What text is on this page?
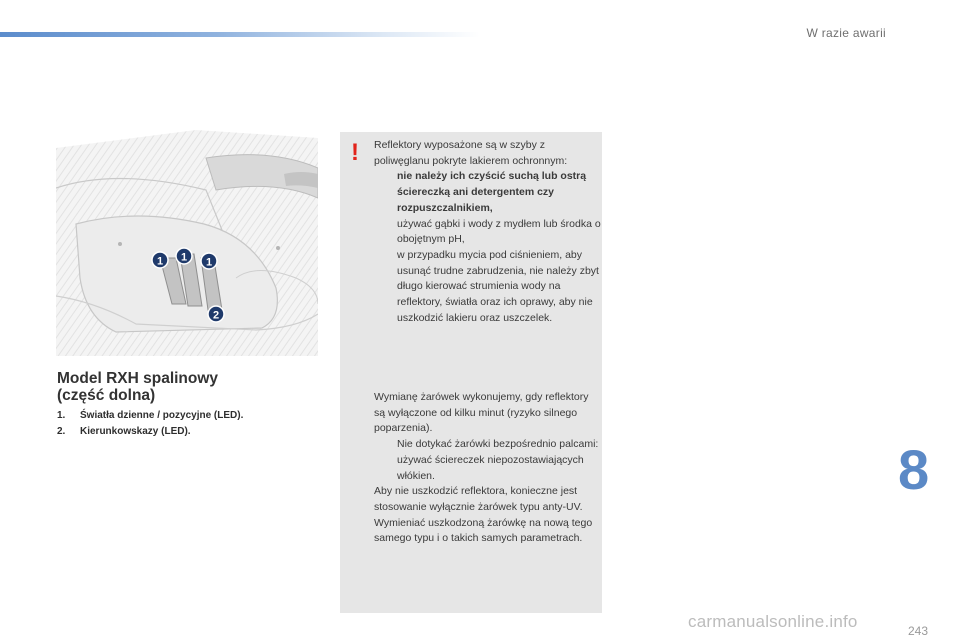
W razie awarii
1 1 1
2
Model RXH spalinowy
(część dolna)
1.	Światła dzienne / pozycyjne (LED).
2.	Kierunkowskazy (LED).
! Reflektory wyposażone są w szyby z poliwęglanu pokryte lakierem ochronnym:
nie należy ich czyścić suchą lub ostrą ściereczką ani detergentem czy rozpuszczalnikiem,
używać gąbki i wody z mydłem lub środka o obojętnym pH,
w przypadku mycia pod ciśnieniem, aby usunąć trudne zabrudzenia, nie należy zbyt długo kierować strumienia wody na reflektory, światła oraz ich oprawy, aby nie uszkodzić lakieru oraz uszczelek.
Wymianę żarówek wykonujemy, gdy reflektory są wyłączone od kilku minut (ryzyko silnego poparzenia).
Nie dotykać żarówki bezpośrednio palcami: używać ściereczek niepozostawiających włókien.
Aby nie uszkodzić reflektora, konieczne jest stosowanie wyłącznie żarówek typu anty-UV.
Wymieniać uszkodzoną żarówkę na nową tego samego typu i o takich samych parametrach.
8
243
carmanualsonline.info
